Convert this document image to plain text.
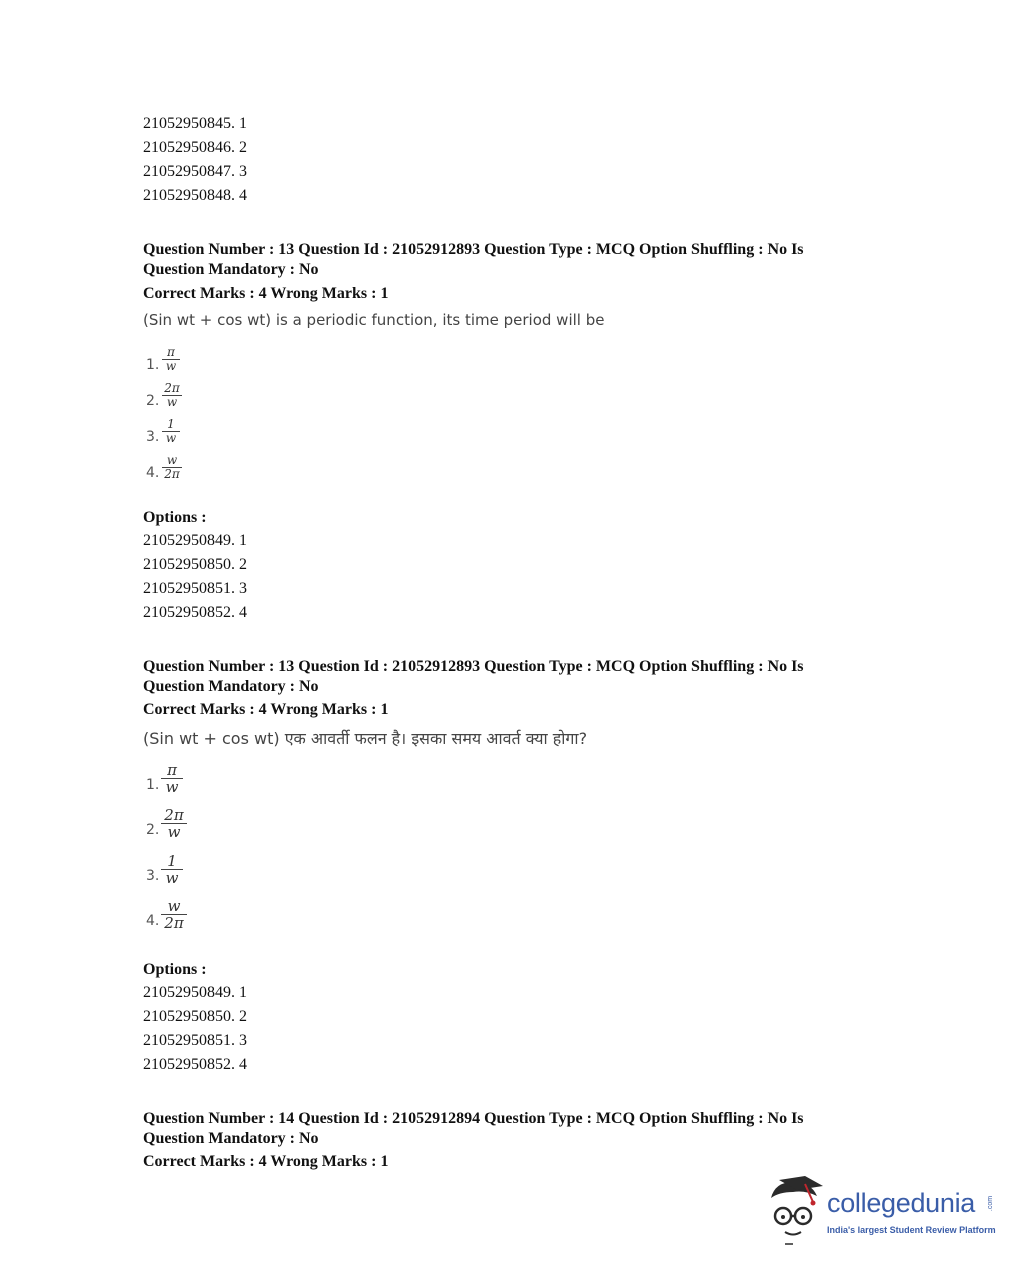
21052950845. 1
21052950846. 2
21052950847. 3
21052950848. 4
Question Number : 13 Question Id : 21052912893 Question Type : MCQ Option Shuffling : No Is
Question Mandatory : No
Correct Marks : 4 Wrong Marks : 1
(Sin wt + cos wt) is a periodic function, its time period will be
1.
π
w
2.
2π
w
3.
1
w
4.
w
2π
Options :
21052950849. 1
21052950850. 2
21052950851. 3
21052950852. 4
Question Number : 13 Question Id : 21052912893 Question Type : MCQ Option Shuffling : No Is
Question Mandatory : No
Correct Marks : 4 Wrong Marks : 1
(Sin wt + cos wt) एक आवर्ती फलन है। इसका समय आवर्त क्या होगा?
1.
π
w
2.
2π
w
3.
1
w
4.
w
2π
Options :
21052950849. 1
21052950850. 2
21052950851. 3
21052950852. 4
Question Number : 14 Question Id : 21052912894 Question Type : MCQ Option Shuffling : No Is
Question Mandatory : No
Correct Marks : 4 Wrong Marks : 1
collegedunia .com
India's largest Student Review Platform
